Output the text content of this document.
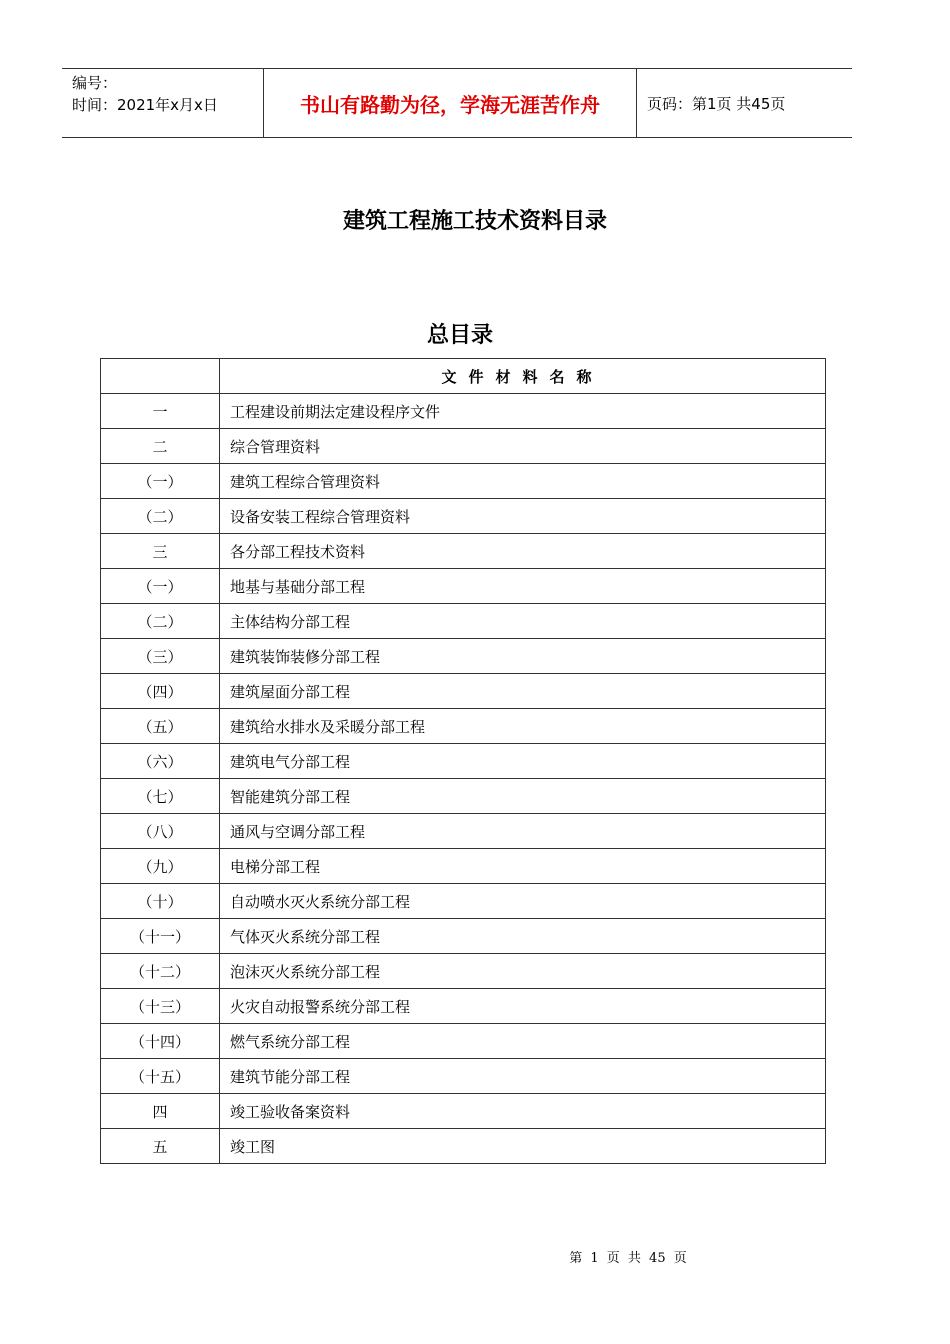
编号：
时间：2021年x月x日	书山有路勤为径，学海无涯苦作舟	页码：第1页 共45页
建筑工程施工技术资料目录
总目录
	文件材料名称
一	工程建设前期法定建设程序文件
二	综合管理资料
（一）	建筑工程综合管理资料
（二）	设备安装工程综合管理资料
三	各分部工程技术资料
（一）	地基与基础分部工程
（二）	主体结构分部工程
（三）	建筑装饰装修分部工程
（四）	建筑屋面分部工程
（五）	建筑给水排水及采暖分部工程
（六）	建筑电气分部工程
（七）	智能建筑分部工程
（八）	通风与空调分部工程
（九）	电梯分部工程
（十）	自动喷水灭火系统分部工程
（十一）	气体灭火系统分部工程
（十二）	泡沫灭火系统分部工程
（十三）	火灾自动报警系统分部工程
（十四）	燃气系统分部工程
（十五）	建筑节能分部工程
四	竣工验收备案资料
五	竣工图
第 1 页 共 45 页
